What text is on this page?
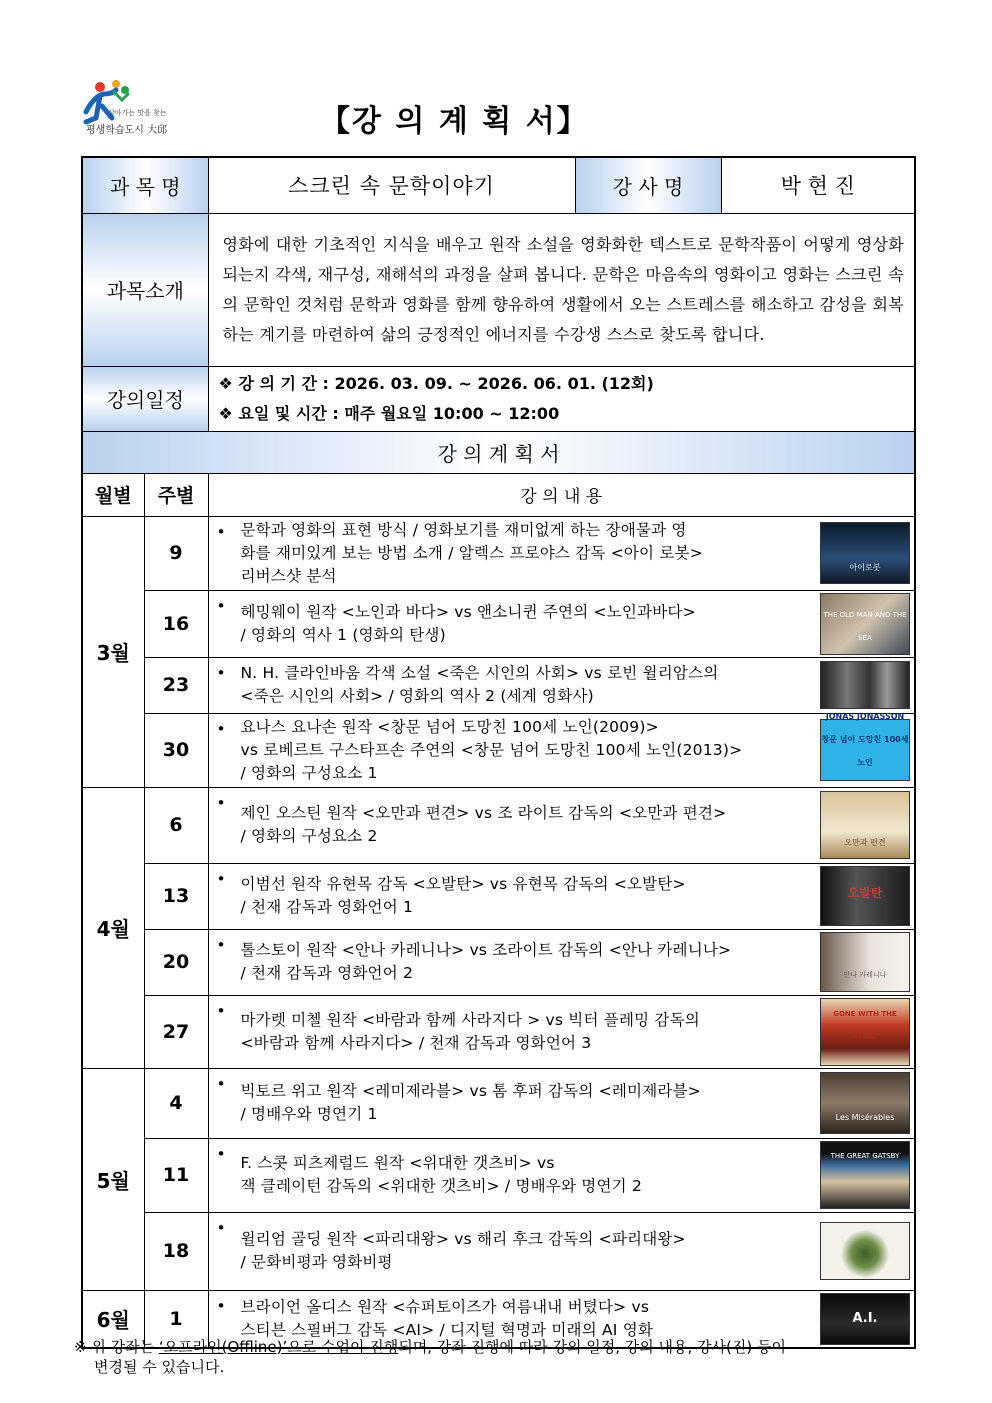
살아가는 맛을 찾는
평생학습도시 大邱	【강 의 계 획 서】
과 목 명		스크린 속 문학이야기	강 사 명	박 현 진
과목소개		영화에 대한 기초적인 지식을 배우고 원작 소설을 영화화한 텍스트로 문학작품이 어떻게 영상화되는지 각색, 재구성, 재해석의 과정을 살펴 봅니다. 문학은 마음속의 영화이고 영화는 스크린 속의 문학인 것처럼 문학과 영화를 함께 향유하여 생활에서 오는 스트레스를 해소하고 감성을 회복하는 계기를 마련하여 삶의 긍정적인 에너지를 수강생 스스로 찾도록 합니다.		
강의일정		❖ 강 의 기 간 : 2026. 03. 09. ~ 2026. 06. 01. (12회)
❖ 요일 및 시간 : 매주 월요일 10:00 ~ 12:00		

강 의 계 획 서				
월별	주별	강 의 내 용		
3월	9	• 문학과 영화의 표현 방식 / 영화보기를 재미없게 하는 장애물과 영
화를 재미있게 보는 방법 소개 / 알렉스 프로야스 감독 <아이 로봇>
리버스샷 분석 아이로봇		

	16	• 헤밍웨이 원작 <노인과 바다> vs 앤소니퀸 주연의 <노인과바다>
/ 영화의 역사 1 (영화의 탄생)
THE OLD MAN AND THE SEA		

	23	• N. H. 클라인바움 각색 소설 <죽은 시인의 사회> vs 로빈 윌리암스의
<죽은 시인의 사회> / 영화의 역사 2 (세계 영화사)		

	30	• 요나스 요나손 원작 <창문 넘어 도망친 100세 노인(2009)>
vs 로베르트 구스타프손 주연의 <창문 넘어 도망친 100세 노인(2013)>
/ 영화의 구성요소 1
JONAS JONASSON 창문 넘어 도망친 100세 노인		

4월	6	•
제인 오스틴 원작 <오만과 편견> vs 조 라이트 감독의 <오만과 편견>
/ 영화의 구성요소 2 오만과 편견		

	13	• 이범선 원작 유현목 감독 <오발탄> vs 유현목 감독의 <오발탄>
/ 천재 감독과 영화언어 1
오발탄		

	20	• 톨스토이 원작 <안나 카레니나> vs 조라이트 감독의 <안나 카레니나>
/ 천재 감독과 영화언어 2 안나 카레니나		

	27	• 마가렛 미첼 원작 <바람과 함께 사라지다 > vs 빅터 플레밍 감독의
<바람과 함께 사라지다> / 천재 감독과 영화언어 3
GONE WITH THE WIND		

5월	4	• 빅토르 위고 원작 <레미제라블> vs 톰 후퍼 감독의 <레미제라블>
/ 명배우와 명연기 1 Les Misérables		

	11	•
F. 스콧 피츠제럴드 원작 <위대한 갯츠비> vs
잭 클레이턴 감독의 <위대한 갯츠비> / 명배우와 명연기 2
THE GREAT GATSBY		

	18	•
윌리엄 골딩 원작 <파리대왕> vs 해리 후크 감독의 <파리대왕>
/ 문화비평과 영화비평		

6월	1	• 브라이언 올디스 원작 <슈퍼토이즈가 여름내내 버텼다> vs
스티븐 스필버그 감독 <AI> / 디지털 혁명과 미래의 AI 영화
A.I.		
※ 위 강좌는 ‘오프라인(Offline)’으로 수업이 진행되며, 강좌 진행에 따라 강의 일정, 강의 내용, 강사(진) 등이
변경될 수 있습니다.
